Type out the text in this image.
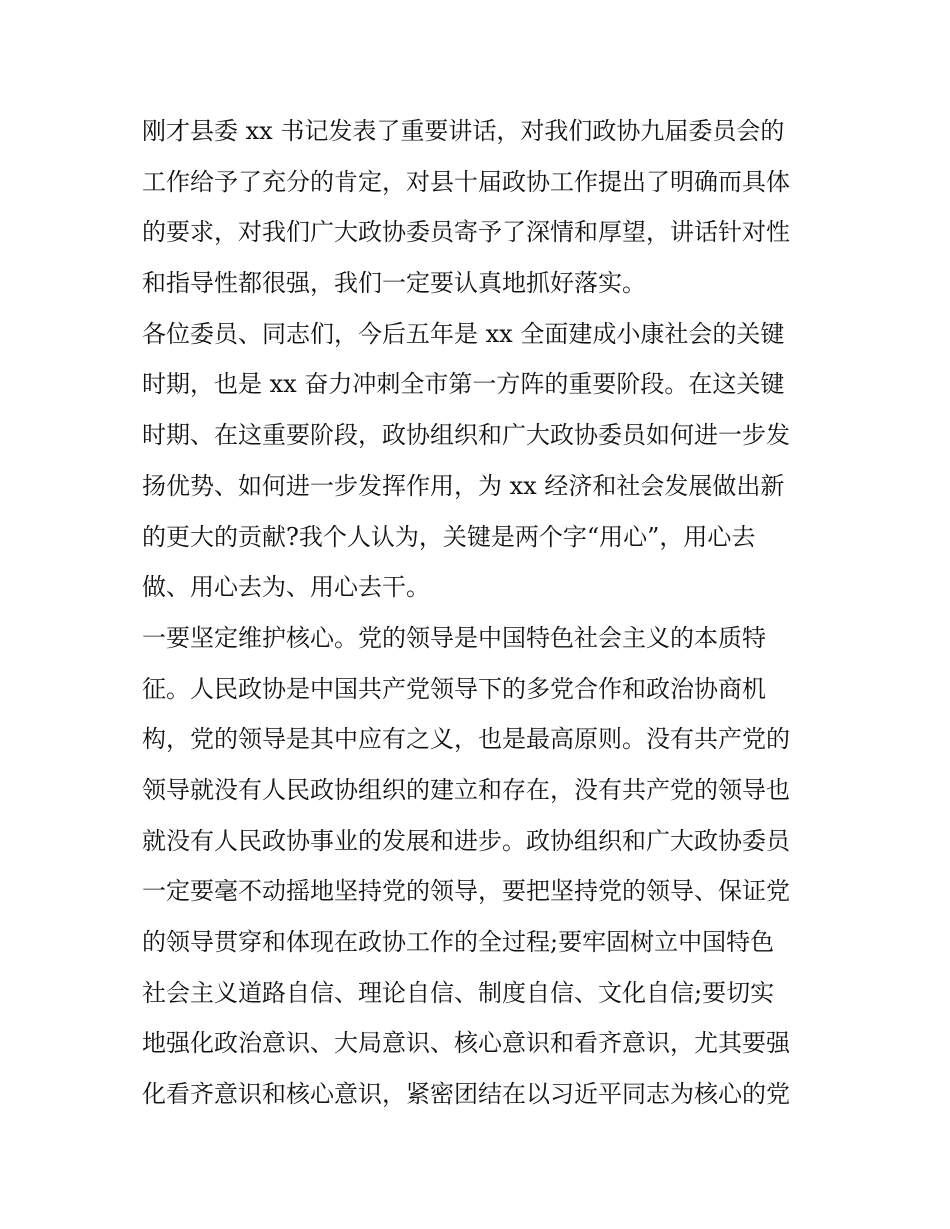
刚才县委 xx 书记发表了重要讲话，对我们政协九届委员会的
工作给予了充分的肯定，对县十届政协工作提出了明确而具体
的要求，对我们广大政协委员寄予了深情和厚望，讲话针对性
和指导性都很强，我们一定要认真地抓好落实。
各位委员、同志们，今后五年是 xx 全面建成小康社会的关键
时期，也是 xx 奋力冲刺全市第一方阵的重要阶段。在这关键
时期、在这重要阶段，政协组织和广大政协委员如何进一步发
扬优势、如何进一步发挥作用，为 xx 经济和社会发展做出新
的更大的贡献?我个人认为，关键是两个字“用心”，用心去
做、用心去为、用心去干。
一要坚定维护核心。党的领导是中国特色社会主义的本质特
征。人民政协是中国共产党领导下的多党合作和政治协商机
构，党的领导是其中应有之义，也是最高原则。没有共产党的
领导就没有人民政协组织的建立和存在，没有共产党的领导也
就没有人民政协事业的发展和进步。政协组织和广大政协委员
一定要毫不动摇地坚持党的领导，要把坚持党的领导、保证党
的领导贯穿和体现在政协工作的全过程;要牢固树立中国特色
社会主义道路自信、理论自信、制度自信、文化自信;要切实
地强化政治意识、大局意识、核心意识和看齐意识，尤其要强
化看齐意识和核心意识，紧密团结在以习近平同志为核心的党
